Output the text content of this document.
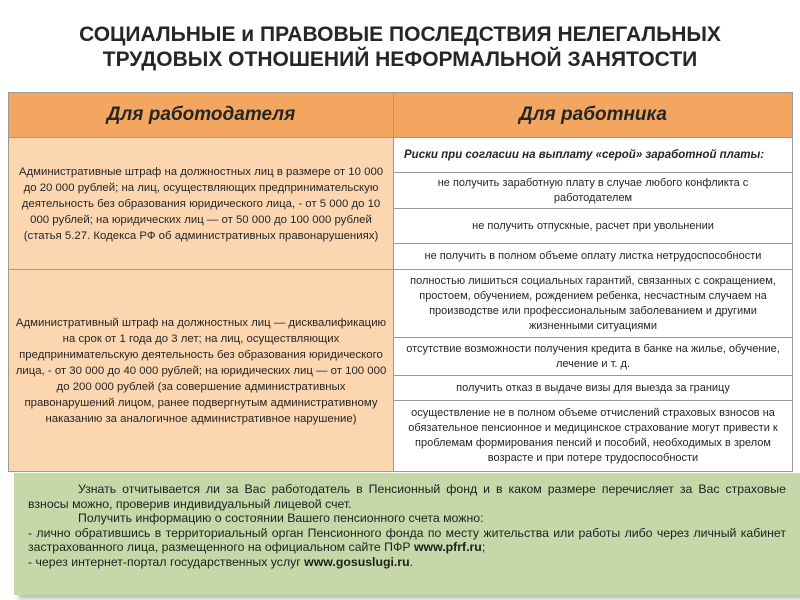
СОЦИАЛЬНЫЕ и ПРАВОВЫЕ ПОСЛЕДСТВИЯ НЕЛЕГАЛЬНЫХ
ТРУДОВЫХ ОТНОШЕНИЙ НЕФОРМАЛЬНОЙ ЗАНЯТОСТИ
Для работодателя	Для работника
Административные штраф на должностных лиц в размере от 10 000 до 20 000 рублей; на лиц, осуществляющих предпринимательскую деятельность без образования юридического лица, - от 5 000 до 10 000 рублей; на юридических лиц — от 50 000 до 100 000 рублей (статья 5.27. Кодекса РФ об административных правонарушениях)
Административный штраф на должностных лиц — дисквалификацию на срок от 1 года до 3 лет; на лиц, осуществляющих предпринимательскую деятельность без образования юридического лица, - от 30 000 до 40 000 рублей; на юридических лиц — от 100 000 до 200 000 рублей (за совершение административных правонарушений лицом, ранее подвергнутым административному наказанию за аналогичное административное нарушение)
Риски при согласии на выплату «серой» заработной платы:
не получить заработную плату в случае любого конфликта с работодателем
не получить отпускные, расчет при увольнении
не получить в полном объеме оплату листка нетрудоспособности
полностью лишиться социальных гарантий, связанных с сокращением, простоем, обучением, рождением ребенка, несчастным случаем на производстве или профессиональным заболеванием и другими жизненными ситуациями
отсутствие возможности получения кредита в банке на жилье, обучение, лечение и т. д.
получить отказ в выдаче визы для выезда за границу
осуществление не в полном объеме отчислений страховых взносов на обязательное пенсионное и медицинское страхование могут привести к проблемам формирования пенсий и пособий, необходимых в зрелом возрасте и при потере трудоспособности

Узнать отчитывается ли за Вас работодатель в Пенсионный фонд и в каком размере перечисляет за Вас страховые взносы можно, проверив индивидуальный лицевой счет.

Получить информацию о состоянии Вашего пенсионного счета можно:

- лично обратившись в территориальный орган Пенсионного фонда по месту жительства или работы либо через личный кабинет застрахованного лица, размещенного на официальном сайте ПФР www.pfrf.ru;

- через интернет-портал государственных услуг www.gosuslugi.ru.
